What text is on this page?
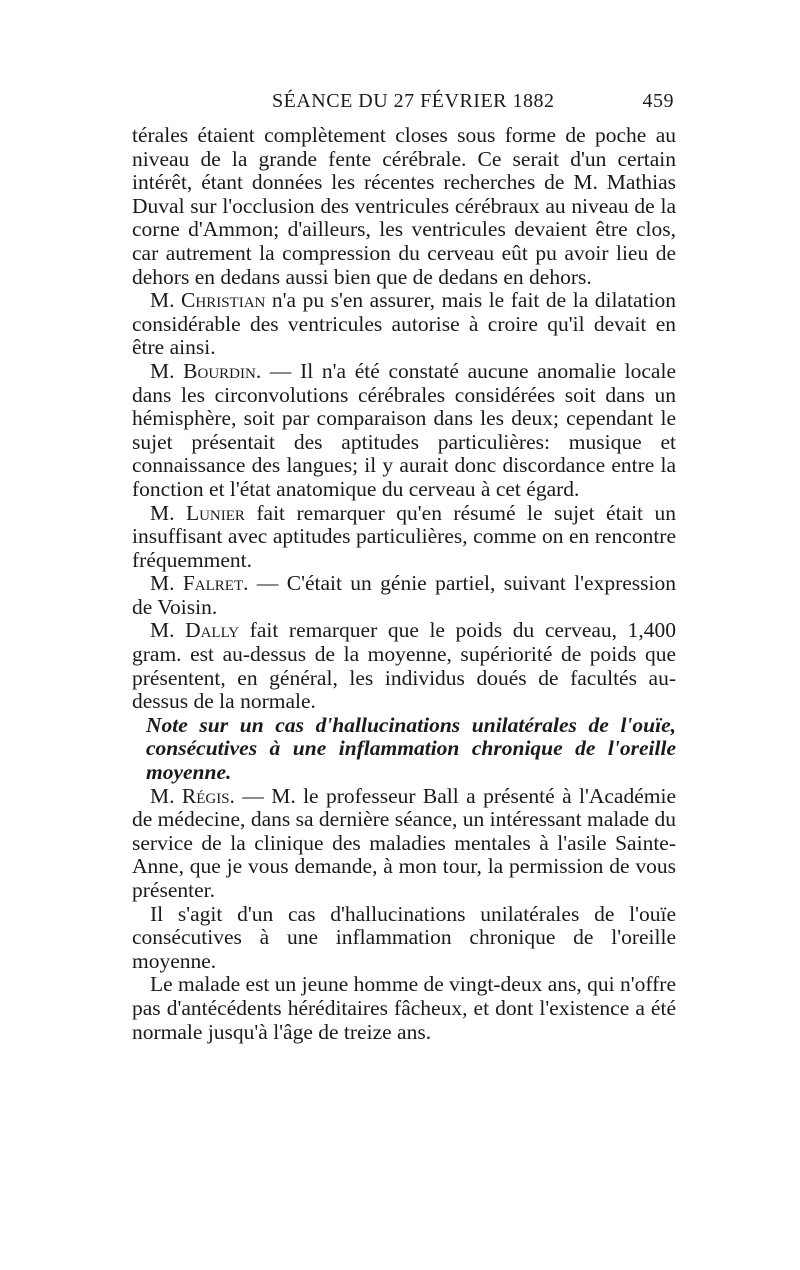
SÉANCE DU 27 FÉVRIER 1882	459

térales étaient complètement closes sous forme de poche au niveau de la grande fente cérébrale. Ce serait d'un certain intérêt, étant données les récentes recherches de M. Mathias Duval sur l'occlusion des ventricules cérébraux au niveau de la corne d'Ammon; d'ailleurs, les ventricules devaient être clos, car autrement la compression du cerveau eût pu avoir lieu de dehors en dedans aussi bien que de dedans en dehors.

M. Christian n'a pu s'en assurer, mais le fait de la dilatation considérable des ventricules autorise à croire qu'il devait en être ainsi.

M. Bourdin. — Il n'a été constaté aucune anomalie locale dans les circonvolutions cérébrales considérées soit dans un hémisphère, soit par comparaison dans les deux; cependant le sujet présentait des aptitudes particulières: musique et connaissance des langues; il y aurait donc discordance entre la fonction et l'état anatomique du cerveau à cet égard.

M. Lunier fait remarquer qu'en résumé le sujet était un insuffisant avec aptitudes particulières, comme on en rencontre fréquemment.

M. Falret. — C'était un génie partiel, suivant l'expression de Voisin.

M. Dally fait remarquer que le poids du cerveau, 1,400 gram. est au-dessus de la moyenne, supériorité de poids que présentent, en général, les individus doués de facultés au-dessus de la normale.

Note sur un cas d'hallucinations unilatérales de l'ouïe, consécutives à une inflammation chronique de l'oreille moyenne.

M. Régis. — M. le professeur Ball a présenté à l'Académie de médecine, dans sa dernière séance, un intéressant malade du service de la clinique des maladies mentales à l'asile Sainte-Anne, que je vous demande, à mon tour, la permission de vous présenter.

Il s'agit d'un cas d'hallucinations unilatérales de l'ouïe consécutives à une inflammation chronique de l'oreille moyenne.

Le malade est un jeune homme de vingt-deux ans, qui n'offre pas d'antécédents héréditaires fâcheux, et dont l'existence a été normale jusqu'à l'âge de treize ans.
